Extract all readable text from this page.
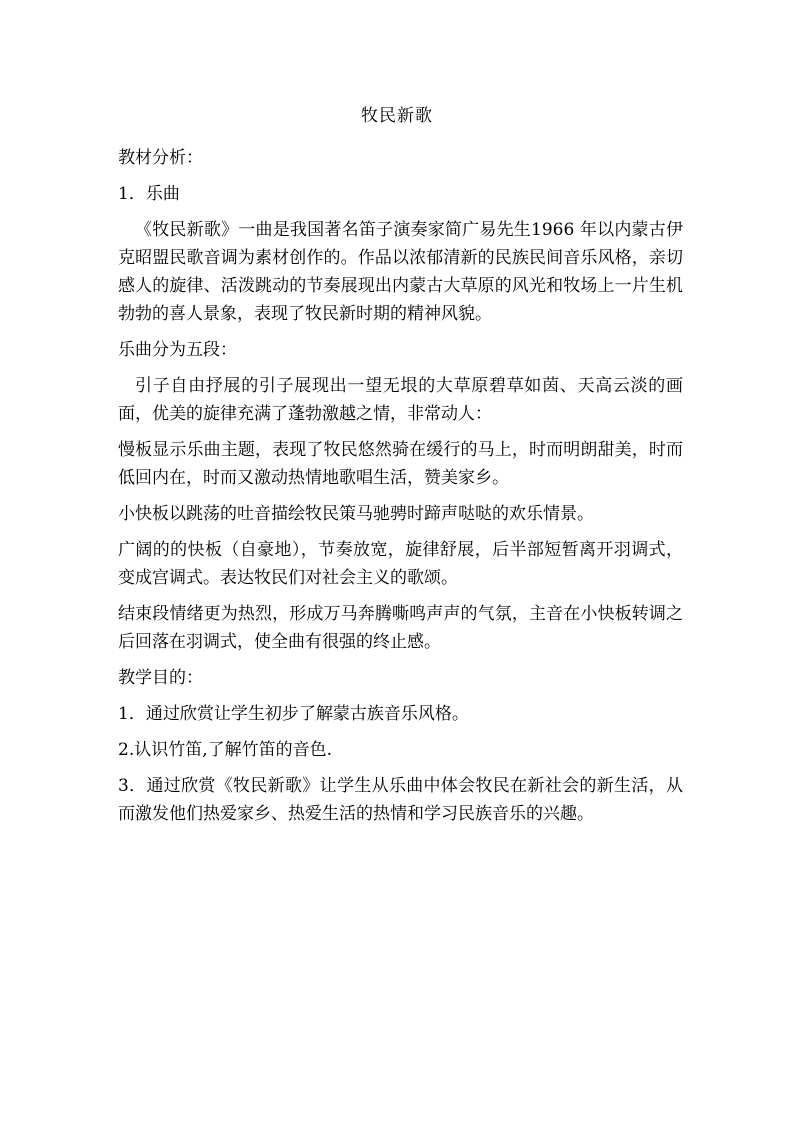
牧民新歌

教材分析：

1．乐曲

《牧民新歌》一曲是我国著名笛子演奏家简广易先生1966 年以内蒙古伊克昭盟民歌音调为素材创作的。作品以浓郁清新的民族民间音乐风格，亲切感人的旋律、活泼跳动的节奏展现出内蒙古大草原的风光和牧场上一片生机勃勃的喜人景象，表现了牧民新时期的精神风貌。

乐曲分为五段：

引子自由抒展的引子展现出一望无垠的大草原碧草如茵、天高云淡的画面，优美的旋律充满了蓬勃激越之情，非常动人：

慢板显示乐曲主题，表现了牧民悠然骑在缓行的马上，时而明朗甜美，时而低回内在，时而又激动热情地歌唱生活，赞美家乡。

小快板以跳荡的吐音描绘牧民策马驰骋时蹄声哒哒的欢乐情景。

广阔的的快板（自豪地），节奏放宽，旋律舒展，后半部短暂离开羽调式，变成宫调式。表达牧民们对社会主义的歌颂。

结束段情绪更为热烈，形成万马奔腾嘶鸣声声的气氛，主音在小快板转调之后回落在羽调式，使全曲有很强的终止感。

教学目的：

1．通过欣赏让学生初步了解蒙古族音乐风格。

2.认识竹笛,了解竹笛的音色.

3．通过欣赏《牧民新歌》让学生从乐曲中体会牧民在新社会的新生活，从而激发他们热爱家乡、热爱生活的热情和学习民族音乐的兴趣。
